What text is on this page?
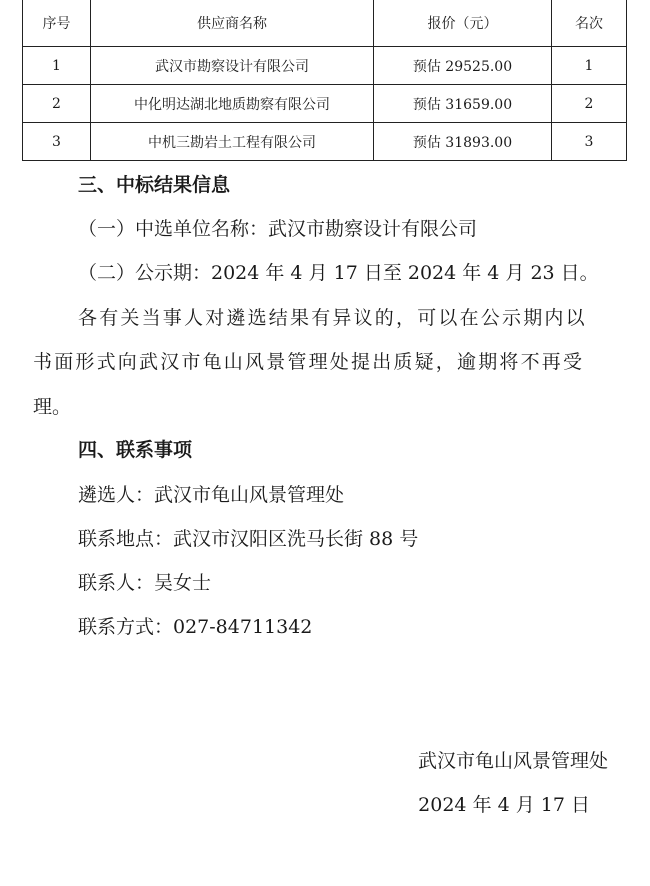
序号	供应商名称	报价（元）	名次
1	武汉市勘察设计有限公司	预估 29525.00	1
2	中化明达湖北地质勘察有限公司	预估 31659.00	2
3	中机三勘岩土工程有限公司	预估 31893.00	3
三、中标结果信息
（一）中选单位名称：武汉市勘察设计有限公司
（二）公示期：2024 年 4 月 17 日至 2024 年 4 月 23 日。
各有关当事人对遴选结果有异议的，可以在公示期内以
书面形式向武汉市龟山风景管理处提出质疑，逾期将不再受
理。
四、联系事项
遴选人：武汉市龟山风景管理处
联系地点：武汉市汉阳区洗马长街 88 号
联系人：吴女士
联系方式：027-84711342
武汉市龟山风景管理处
2024 年 4 月 17 日
